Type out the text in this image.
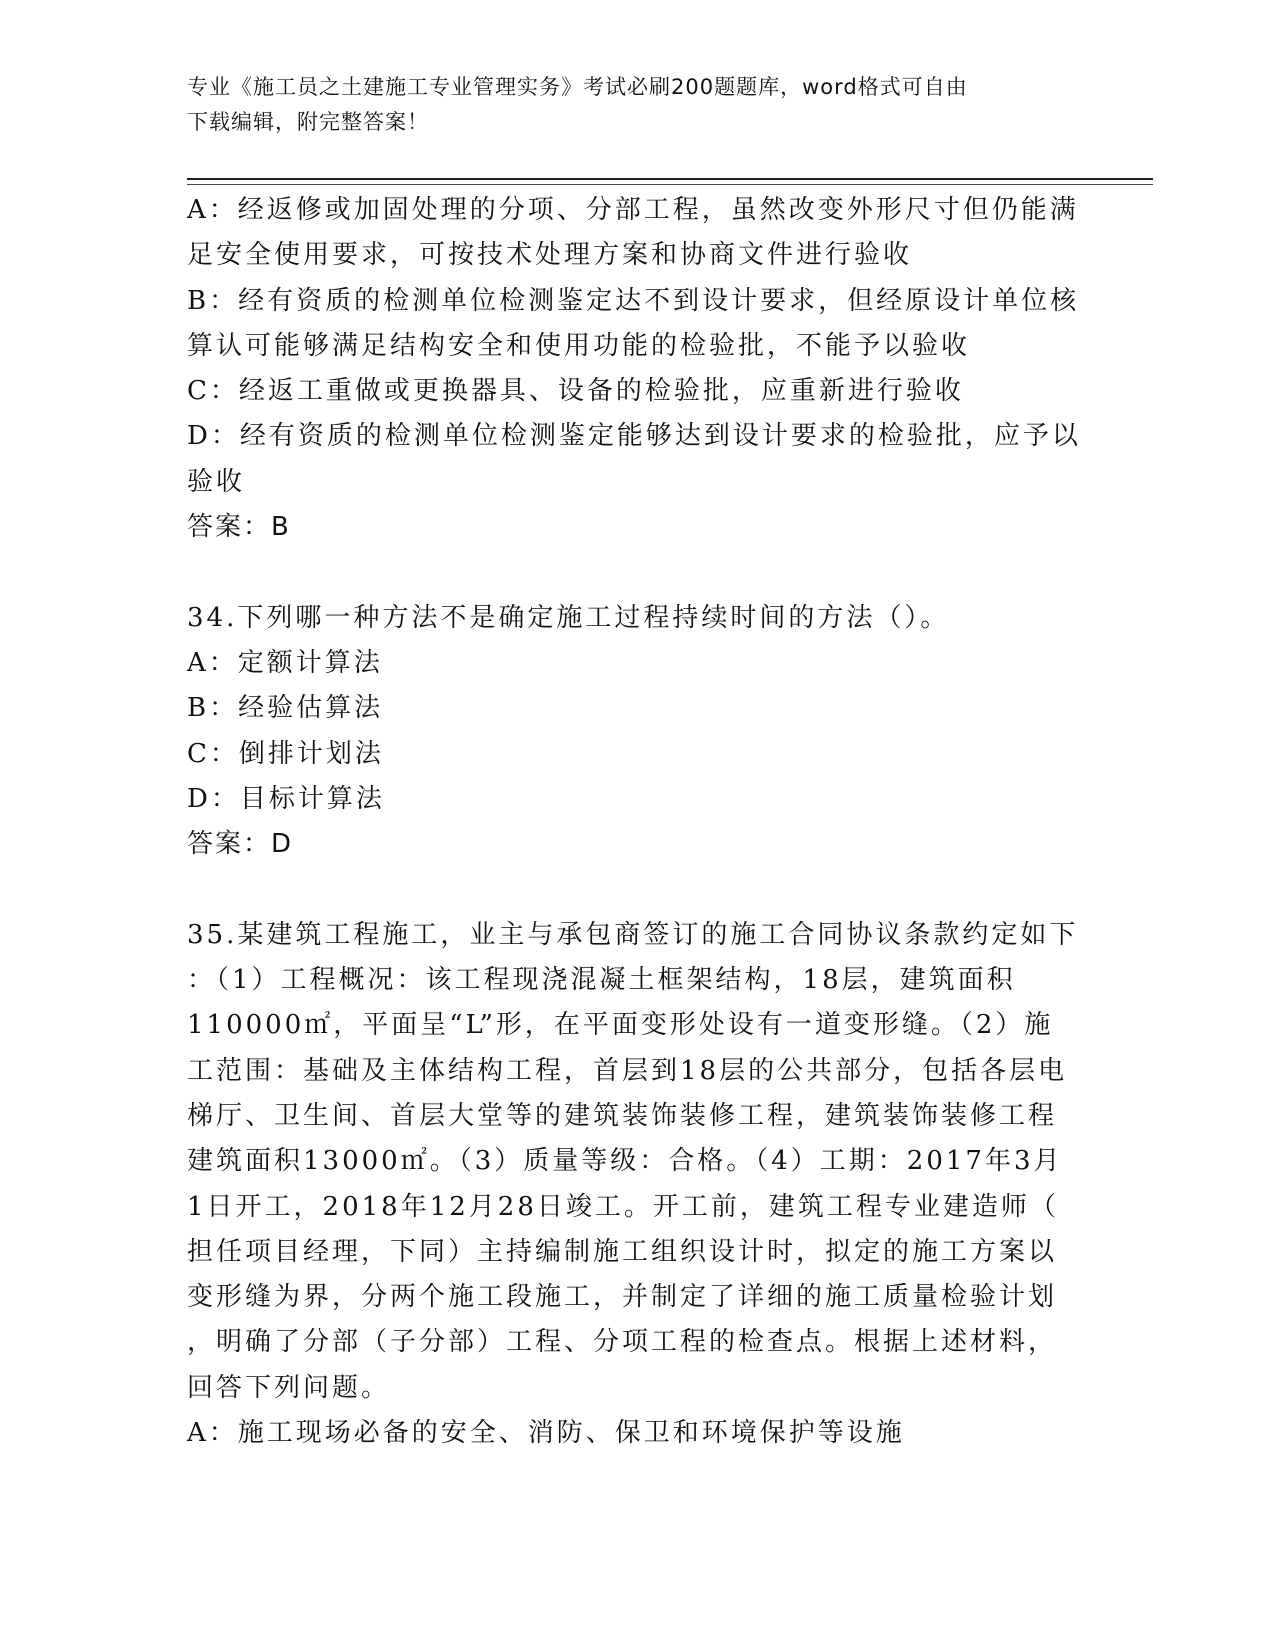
专业《施工员之土建施工专业管理实务》考试必刷200题题库，word格式可自由
下载编辑，附完整答案！
A：经返修或加固处理的分项、分部工程，虽然改变外形尺寸但仍能满
足安全使用要求，可按技术处理方案和协商文件进行验收
B：经有资质的检测单位检测鉴定达不到设计要求，但经原设计单位核
算认可能够满足结构安全和使用功能的检验批，不能予以验收
C：经返工重做或更换器具、设备的检验批，应重新进行验收
D：经有资质的检测单位检测鉴定能够达到设计要求的检验批，应予以
验收
答案：B
34.下列哪一种方法不是确定施工过程持续时间的方法（）。
A：定额计算法
B：经验估算法
C：倒排计划法
D：目标计算法
答案：D
35.某建筑工程施工，业主与承包商签订的施工合同协议条款约定如下
：（1）工程概况：该工程现浇混凝土框架结构，18层，建筑面积
110000㎡，平面呈“L”形，在平面变形处设有一道变形缝。（2）施
工范围：基础及主体结构工程，首层到18层的公共部分，包括各层电
梯厅、卫生间、首层大堂等的建筑装饰装修工程，建筑装饰装修工程
建筑面积13000㎡。（3）质量等级：合格。（4）工期：2017年3月
1日开工，2018年12月28日竣工。开工前，建筑工程专业建造师（
担任项目经理，下同）主持编制施工组织设计时，拟定的施工方案以
变形缝为界，分两个施工段施工，并制定了详细的施工质量检验计划
，明确了分部（子分部）工程、分项工程的检查点。根据上述材料，
回答下列问题。
A：施工现场必备的安全、消防、保卫和环境保护等设施
